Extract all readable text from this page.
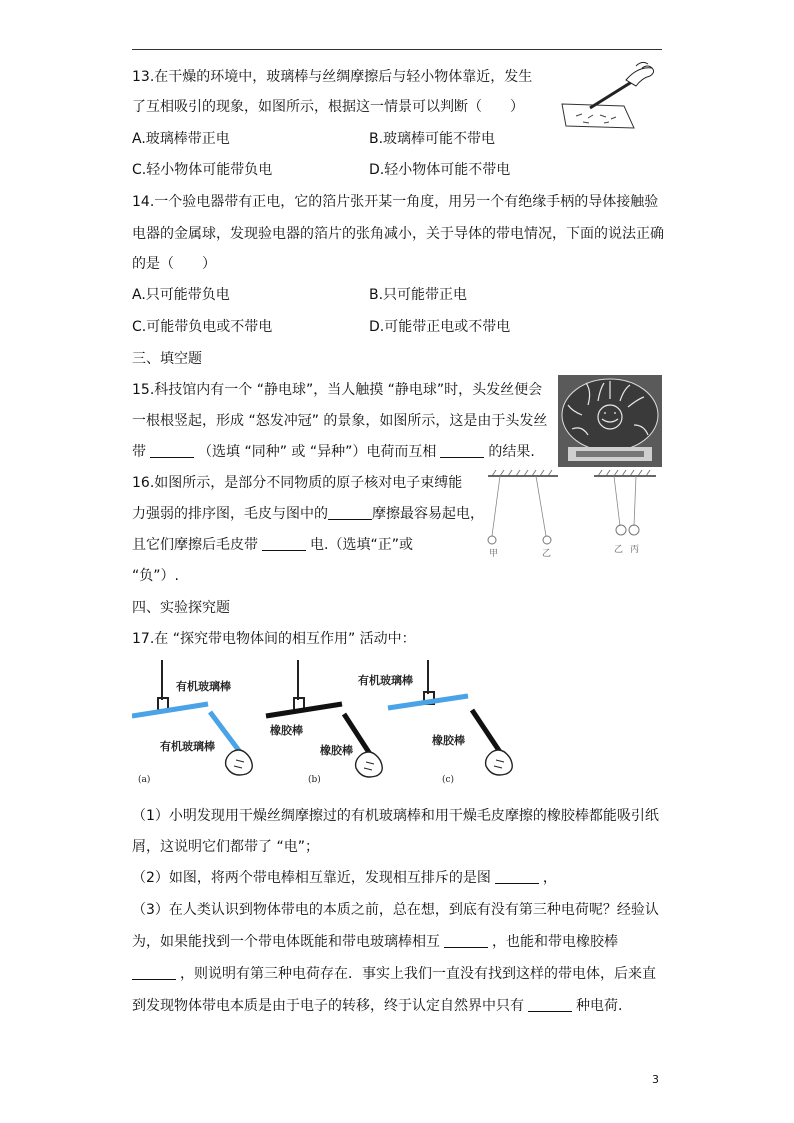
13.在干燥的环境中，玻璃棒与丝绸摩擦后与轻小物体靠近，发生
了互相吸引的现象，如图所示，根据这一情景可以判断（　　）
A.玻璃棒带正电	B.玻璃棒可能不带电
C.轻小物体可能带负电	D.轻小物体可能不带电
14.一个验电器带有正电，它的箔片张开某一角度，用另一个有绝缘手柄的导体接触验
电器的金属球，发现验电器的箔片的张角减小，关于导体的带电情况，下面的说法正确
的是（　　）
A.只可能带负电	B.只可能带正电
C.可能带负电或不带电	D.可能带正电或不带电
三、填空题
15.科技馆内有一个 “静电球”，当人触摸 “静电球”时，头发丝便会
一根根竖起，形成 “怒发冲冠” 的景象，如图所示，这是由于头发丝
带	（选填 “同种” 或 “异种”）电荷而互相	的结果.
16.如图所示，是部分不同物质的原子核对电子束缚能
力强弱的排序图，毛皮与图中的	摩擦最容易起电，
且它们摩擦后毛皮带	电.（选填“正”或
“负”）.
甲	乙	乙 丙
四、实验探究题
17.在 “探究带电物体间的相互作用” 活动中：
有机玻璃棒
有机玻璃棒
(a)
橡胶棒
橡胶棒
(b)
有机玻璃棒
橡胶棒
(c)
（1）小明发现用干燥丝绸摩擦过的有机玻璃棒和用干燥毛皮摩擦的橡胶棒都能吸引纸
屑，这说明它们都带了 “电”；
（2）如图，将两个带电棒相互靠近，发现相互排斥的是图	，
（3）在人类认识到物体带电的本质之前，总在想，到底有没有第三种电荷呢？经验认
为，如果能找到一个带电体既能和带电玻璃棒相互	，也能和带电橡胶棒
，则说明有第三种电荷存在．事实上我们一直没有找到这样的带电体，后来直
到发现物体带电本质是由于电子的转移，终于认定自然界中只有	种电荷.
3
